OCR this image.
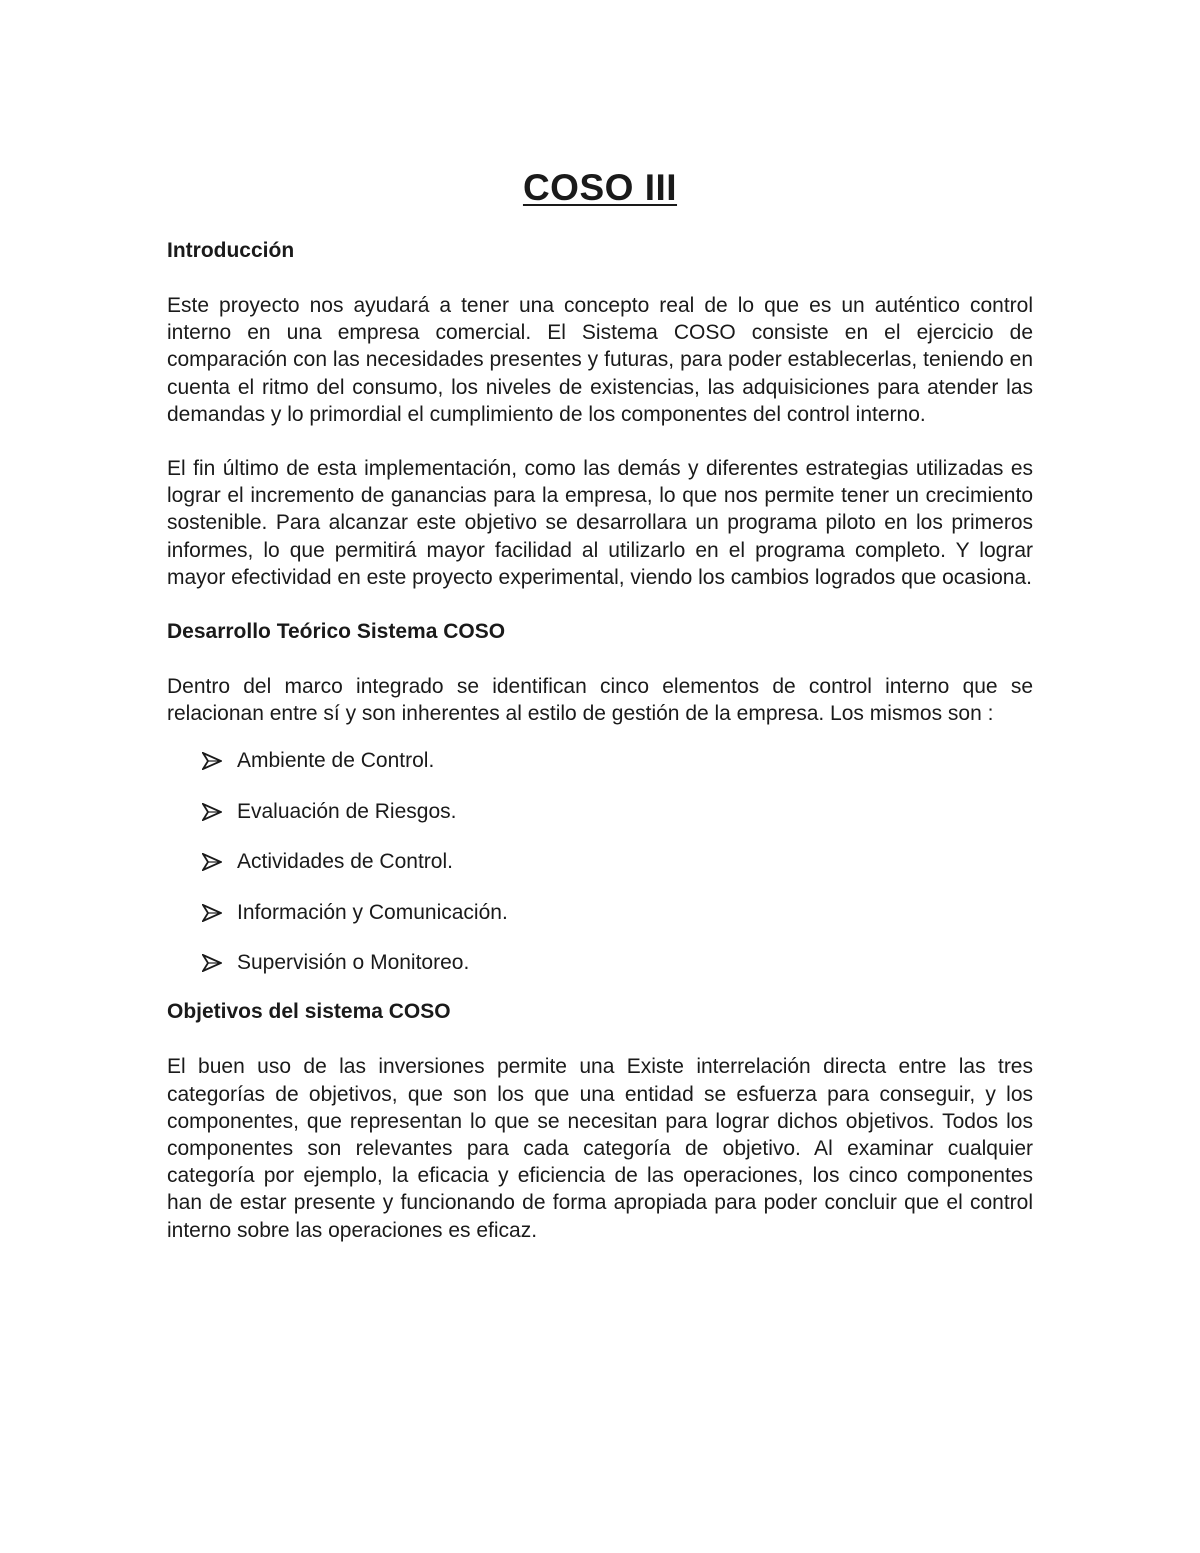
COSO III
Introducción

Este proyecto nos ayudará a tener una concepto real de lo que es un auténtico control interno en una empresa comercial. El Sistema COSO consiste en el ejercicio de comparación con las necesidades presentes y futuras, para poder establecerlas, teniendo en cuenta el ritmo del consumo, los niveles de existencias, las adquisiciones para atender las demandas y lo primordial el cumplimiento de los componentes del control interno.

El fin último de esta implementación, como las demás y diferentes estrategias utilizadas es lograr el incremento de ganancias para la empresa, lo que nos permite tener un crecimiento sostenible. Para alcanzar este objetivo se desarrollara un programa piloto en los primeros informes, lo que permitirá mayor facilidad al utilizarlo en el programa completo. Y lograr mayor efectividad en este proyecto experimental, viendo los cambios logrados que ocasiona.

Desarrollo Teórico Sistema COSO

Dentro del marco integrado se identifican cinco elementos de control interno que se relacionan entre sí y son inherentes al estilo de gestión de la empresa. Los mismos son :

Ambiente de Control.
Evaluación de Riesgos.
Actividades de Control.
Información y Comunicación.
Supervisión o Monitoreo.
Objetivos del sistema COSO

El buen uso de las inversiones permite una Existe interrelación directa entre las tres categorías de objetivos, que son los que una entidad se esfuerza para conseguir, y los componentes, que representan lo que se necesitan para lograr dichos objetivos. Todos los componentes son relevantes para cada categoría de objetivo. Al examinar cualquier categoría por ejemplo, la eficacia y eficiencia de las operaciones, los cinco componentes han de estar presente y funcionando de forma apropiada para poder concluir que el control interno sobre las operaciones es eficaz.
